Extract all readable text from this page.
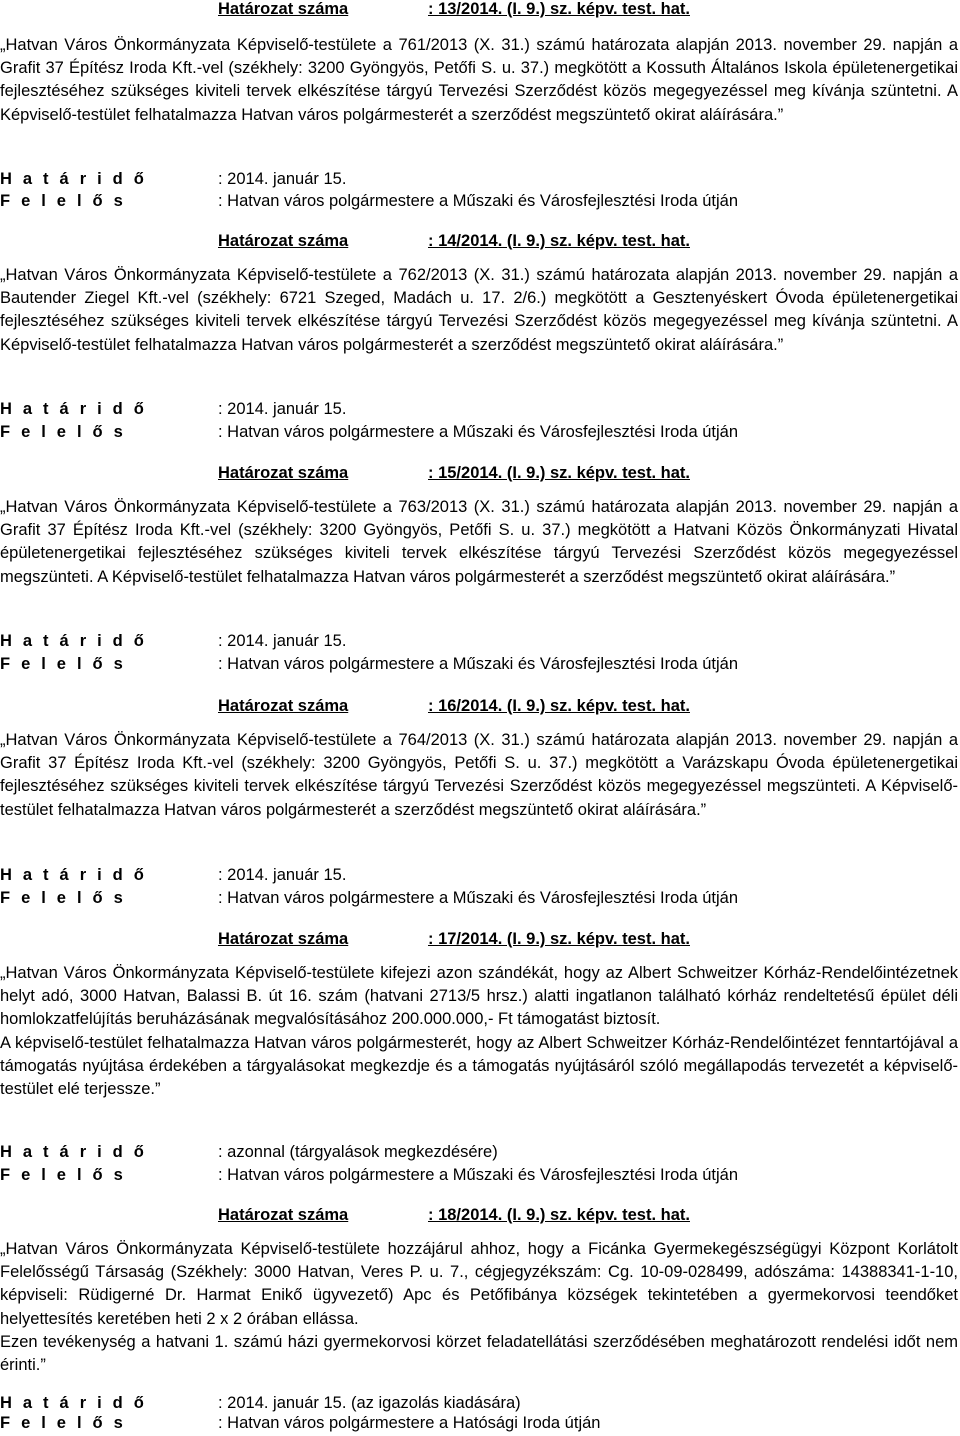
Határozat száma	: 13/2014. (I. 9.) sz. képv. test. hat.
„Hatvan Város Önkormányzata Képviselő-testülete a 761/2013 (X. 31.) számú határozata alapján 2013. november 29. napján a Grafit 37 Építész Iroda Kft.-vel (székhely: 3200 Gyöngyös, Petőfi S. u. 37.) megkötött a Kossuth Általános Iskola épületenergetikai fejlesztéséhez szükséges kiviteli tervek elkészítése tárgyú Tervezési Szerződést közös megegyezéssel meg kívánja szüntetni. A Képviselő-testület felhatalmazza Hatvan város polgármesterét a szerződést megszüntető okirat aláírására.”
H a t á r i d ő	: 2014. január 15.
F e l e l ő s	: Hatvan város polgármestere a Műszaki és Városfejlesztési Iroda útján
Határozat száma	: 14/2014. (I. 9.) sz. képv. test. hat.
„Hatvan Város Önkormányzata Képviselő-testülete a 762/2013 (X. 31.) számú határozata alapján 2013. november 29. napján a Bautender Ziegel Kft.-vel (székhely: 6721 Szeged, Madách u. 17. 2/6.) megkötött a Gesztenyéskert Óvoda épületenergetikai fejlesztéséhez szükséges kiviteli tervek elkészítése tárgyú Tervezési Szerződést közös megegyezéssel meg kívánja szüntetni. A Képviselő-testület felhatalmazza Hatvan város polgármesterét a szerződést megszüntető okirat aláírására.”
H a t á r i d ő	: 2014. január 15.
F e l e l ő s	: Hatvan város polgármestere a Műszaki és Városfejlesztési Iroda útján
Határozat száma	: 15/2014. (I. 9.) sz. képv. test. hat.
„Hatvan Város Önkormányzata Képviselő-testülete a 763/2013 (X. 31.) számú határozata alapján 2013. november 29. napján a Grafit 37 Építész Iroda Kft.-vel (székhely: 3200 Gyöngyös, Petőfi S. u. 37.) megkötött a Hatvani Közös Önkormányzati Hivatal épületenergetikai fejlesztéséhez szükséges kiviteli tervek elkészítése tárgyú Tervezési Szerződést közös megegyezéssel megszünteti. A Képviselő-testület felhatalmazza Hatvan város polgármesterét a szerződést megszüntető okirat aláírására.”
H a t á r i d ő	: 2014. január 15.
F e l e l ő s	: Hatvan város polgármestere a Műszaki és Városfejlesztési Iroda útján
Határozat száma	: 16/2014. (I. 9.) sz. képv. test. hat.
„Hatvan Város Önkormányzata Képviselő-testülete a 764/2013 (X. 31.) számú határozata alapján 2013. november 29. napján a Grafit 37 Építész Iroda Kft.-vel (székhely: 3200 Gyöngyös, Petőfi S. u. 37.) megkötött a Varázskapu Óvoda épületenergetikai fejlesztéséhez szükséges kiviteli tervek elkészítése tárgyú Tervezési Szerződést közös megegyezéssel megszünteti. A Képviselő-testület felhatalmazza Hatvan város polgármesterét a szerződést megszüntető okirat aláírására.”
H a t á r i d ő	: 2014. január 15.
F e l e l ő s	: Hatvan város polgármestere a Műszaki és Városfejlesztési Iroda útján
Határozat száma	: 17/2014. (I. 9.) sz. képv. test. hat.
„Hatvan Város Önkormányzata Képviselő-testülete kifejezi azon szándékát, hogy az Albert Schweitzer Kórház-Rendelőintézetnek helyt adó, 3000 Hatvan, Balassi B. út 16. szám (hatvani 2713/5 hrsz.) alatti ingatlanon található kórház rendeltetésű épület déli homlokzatfelújítás beruházásának megvalósításához 200.000.000,- Ft támogatást biztosít.
A képviselő-testület felhatalmazza Hatvan város polgármesterét, hogy az Albert Schweitzer Kórház-Rendelőintézet fenntartójával a támogatás nyújtása érdekében a tárgyalásokat megkezdje és a támogatás nyújtásáról szóló megállapodás tervezetét a képviselő-testület elé terjessze.”
H a t á r i d ő	: azonnal (tárgyalások megkezdésére)
F e l e l ő s	: Hatvan város polgármestere a Műszaki és Városfejlesztési Iroda útján
Határozat száma	: 18/2014. (I. 9.) sz. képv. test. hat.
„Hatvan Város Önkormányzata Képviselő-testülete hozzájárul ahhoz, hogy a Ficánka Gyermekegészségügyi Központ Korlátolt Felelősségű Társaság (Székhely: 3000 Hatvan, Veres P. u. 7., cégjegyzékszám: Cg. 10-09-028499, adószáma: 14388341-1-10, képviseli: Rüdigerné Dr. Harmat Enikő ügyvezető) Apc és Petőfibánya községek tekintetében a gyermekorvosi teendőket helyettesítés keretében heti 2 x 2 órában ellássa.
Ezen tevékenység a hatvani 1. számú házi gyermekorvosi körzet feladatellátási szerződésében meghatározott rendelési időt nem érinti.”
H a t á r i d ő	: 2014. január 15. (az igazolás kiadására)
F e l e l ő s	: Hatvan város polgármestere a Hatósági Iroda útján
